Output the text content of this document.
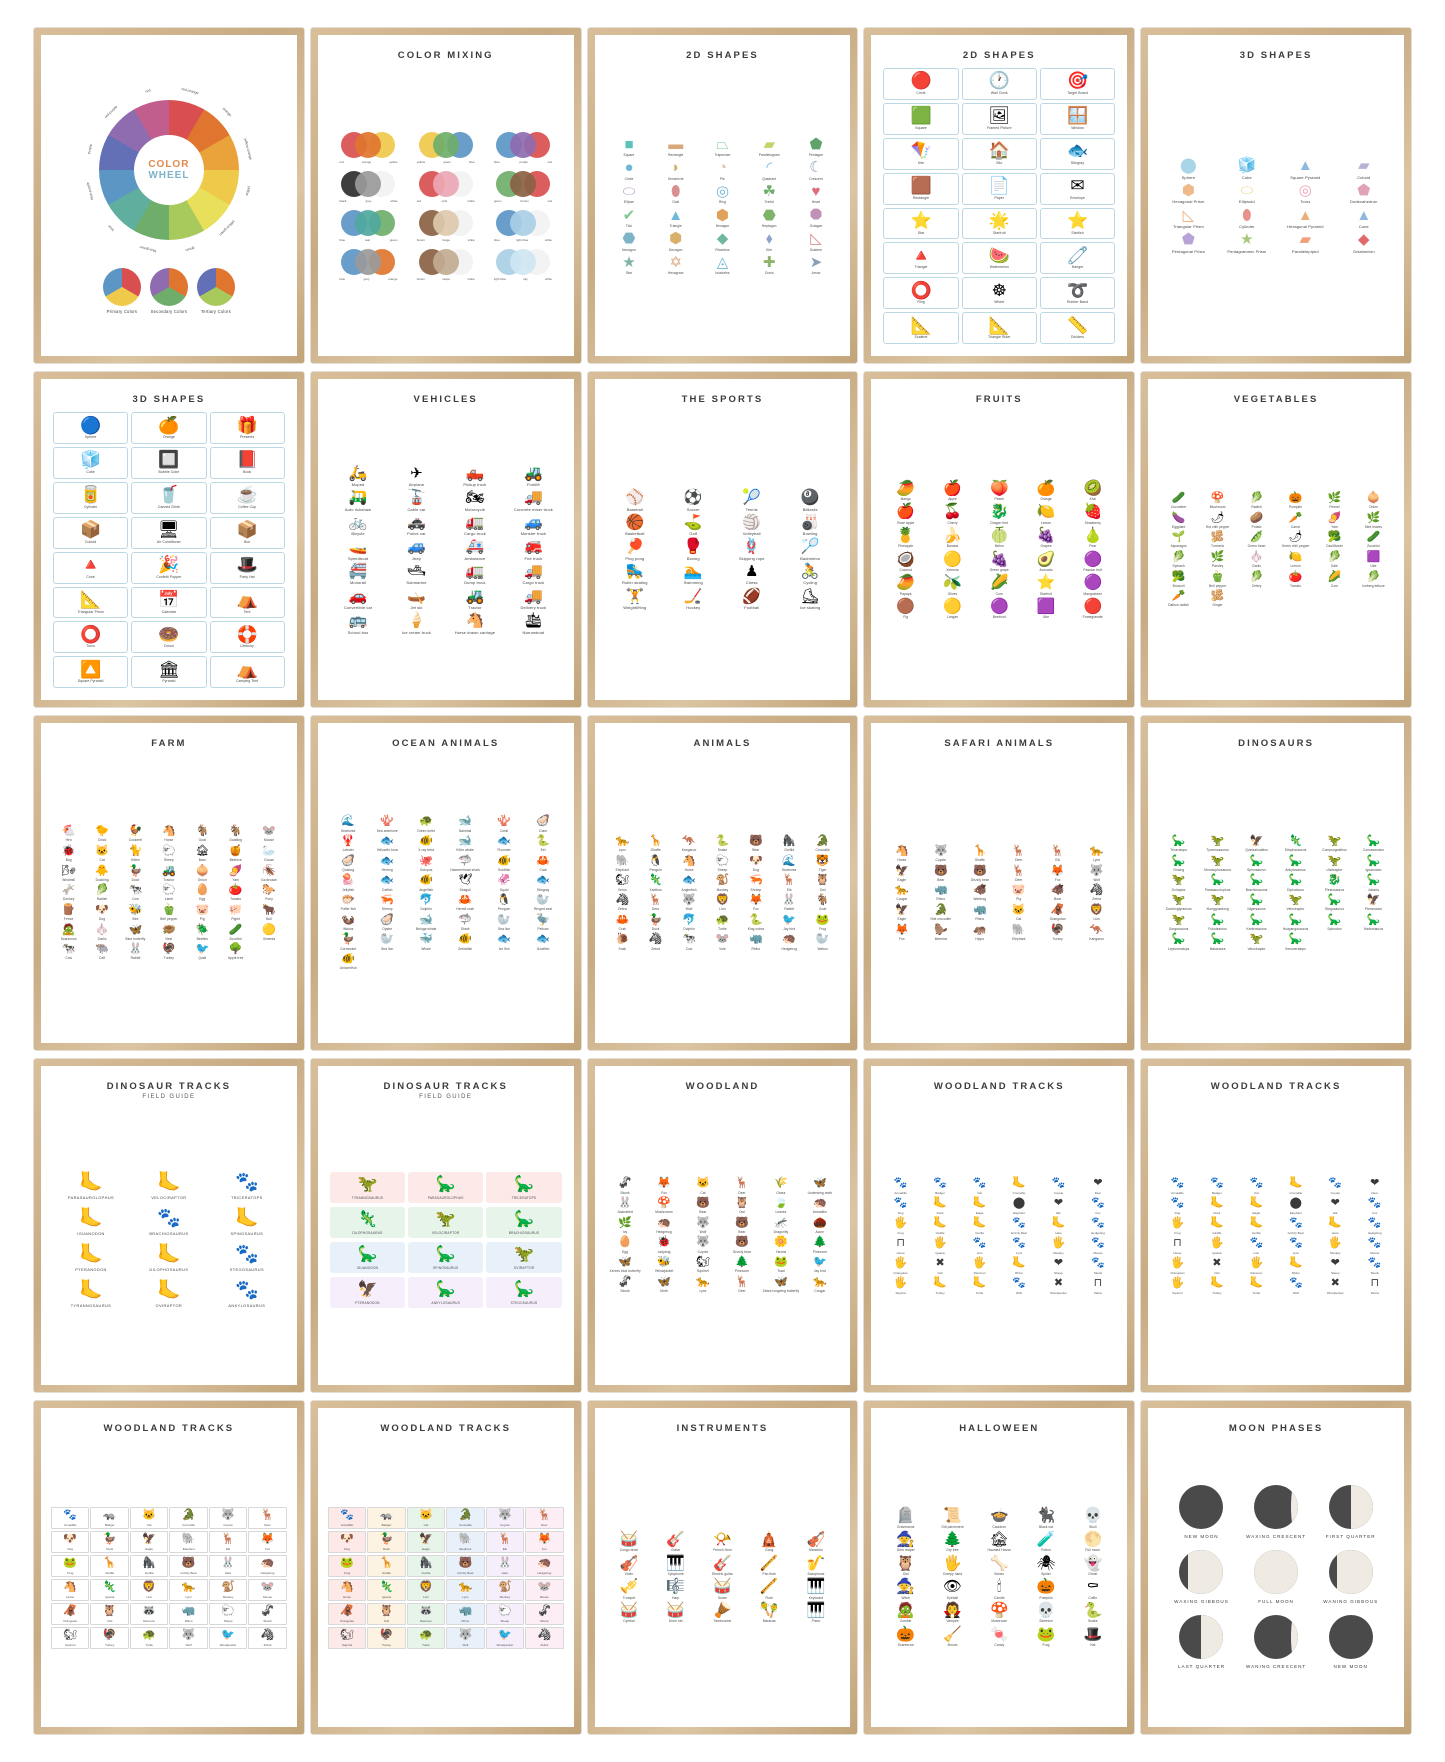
COLOR
WHEEL
red-orange
orange
yellow-orange
yellow
yellow-green
green
blue-green
blue
blue-purple
purple
red-purple
red
Primary Colors	Secondary Colors	Tertiary Colors
COLOR MIXING
red	orange	yellow	yellow	green	blue	blue	purple	red
black	grey	white	red	pink	white	green	brown	red
blue	teal	green	brown	beige	white	blue	light blue	white
blue	grey	orange	brown	taupe	white	light blue	sky	white
2D SHAPES
■
Square
▬
Rectangle
⏢
Trapezium
▰
Parallelogram
⬟
Pentagon
●
Circle
◗
Semicircle
◔
Pie
◜
Quadrant
☾
Crescent
⬭
Ellipse
⬮
Oval
◎
Ring
☘
Trefoil
♥
Heart
✔
Tick
▲
Triangle
⬢
Hexagon
⬣
Heptagon
⯃
Octagon
⬣
Nonagon
⬢
Decagon
◆
Rhombus
⬧
Kite
◺
Scalene
★
Star
✡
Hexagram
◬
Isosceles
✚
Cross
➤
Arrow
2D SHAPES
🔴
Circle
🕐
Wall Clock
🎯
Target Board
🟩
Square
🖼
Framed Picture
🪟
Window
🪁
Kite
🏠
Silo
🐟
Stingray
🟫
Rectangle
📄
Paper
✉
Envelope
⭐
Star
🌟
Starfruit
⭐
Starfish
🔺
Triangle
🍉
Watermelon
🧷
Hanger
⭕
Ring
☸
Wheel
➰
Rubber Band
📐
Scalene
📐
Triangle Ruler
📏
Dividers
3D SHAPES
⬤
Sphere
🧊
Cube
▲
Square Pyramid
▰
Cuboid
⬢
Hexagonal Prism
⬭
Ellipsoid
◎
Torus
⬟
Dodecahedron
◺
Triangular Prism
⬮
Cylinder
▲
Hexagonal Pyramid
▲
Cone
⬟
Pentagonal Prism
★
Pentagrammic Prism
▰
Parallelepiped
◆
Octahedron
3D SHAPES
🔵
Sphere
🍊
Orange
🎁
Presents
🧊
Cube
🔲
Bubble Cube
📕
Book
🥫
Cylinder
🥤
Canned Drink
☕
Coffee Cup
📦
Cuboid
🖥
Air Conditioner
📦
Box
🔺
Cone
🎉
Confetti Popper
🎩
Party Hat
📐
Triangular Prism
📅
Calendar
⛺
Tent
⭕
Torus
🍩
Donut
🛟
Lifebuoy
🔼
Square Pyramid
🏛
Pyramid
⛺
Camping Tent
VEHICLES
🛵
Moped
✈
Airplane
🛻
Pickup truck
🚜
Forklift
🛺
Auto rickshaw
🚡
Cable car
🏍
Motorcycle
🚚
Concrete mixer truck
🚲
Bicycle
🚓
Police car
🚛
Cargo truck
🚙
Monster truck
🚤
Speedboat
🚙
Jeep
🚑
Ambulance
🚒
Fire truck
🚝
Monorail
🛥
Submarine
🚛
Dump truck
🚚
Cargo truck
🚗
Convertible car
🛶
Jet ski
🚜
Tractor
🚚
Delivery truck
🚌
School bus
🍦
Ice cream truck
🐴
Horse drawn carriage
🛳
Narrowboat
THE SPORTS
⚾
Baseball
⚽
Soccer
🎾
Tennis
🎱
Billiards
🏀
Basketball
⛳
Golf
🏐
Volleyball
🎳
Bowling
🏓
Ping pong
🥊
Boxing
🪢
Skipping rope
🏸
Badminton
🛼
Roller skating
🏊
Swimming
♟
Chess
🚴
Cycling
🏋
Weightlifting
🏒
Hockey
🏈
Football
⛸
Ice skating
FRUITS
🥭
Mango
🍎
Apple
🍑
Peach
🍊
Orange
🥝
Kiwi
🍎
Rose apple
🍒
Cherry
🐉
Dragon fruit
🍋
Lemon
🍓
Strawberry
🍍
Pineapple
🍌
Banana
🍈
Melon
🍇
Grapes
🍐
Pear
🥥
Coconut
🟡
Ximenia
🍇
Green grape
🥑
Avocado
🟣
Passion fruit
🥭
Papaya
🫒
Olives
🌽
Corn
⭐
Starfruit
🟣
Mangosteen
🟤
Fig
🟡
Longan
🟣
Beetroot
🟪
Ube
🔴
Pomegranate
VEGETABLES
🥒
Cucumber
🍄
Mushroom
🥬
Radish
🎃
Pumpkin
🌿
Fennel
🧅
Onion
🍆
Eggplant
🌶
Hot chili pepper
🥔
Potato
🥕
Carrot
🍠
Yam
🌿
Mint leaves
🌱
Asparagus
🫚
Turmeric
🫛
Green bean
🌶
Green chili pepper
🥦
Cauliflower
🥒
Zucchini
🥬
Spinach
🌿
Parsley
🧄
Garlic
🍋
Lemon
🥬
Kale
🟪
Ube
🥦
Broccoli
🫑
Bell pepper
🥬
Celery
🍅
Tomato
🌽
Corn
🥬
Iceberg lettuce
🥕
Daikon radish
🫚
Ginger
FARM
🐔
Hen
🐤
Chick
🐓
Cockerel
🐴
Horse
🐐
Goat
🐐
Goatling
🐭
Mouse
🐞
Bug
🐱
Cat
🐈
Kitten
🐑
Sheep
🏚
Barn
🍯
Beehive
🦢
Goose
🌬
Windmill
🐥
Duckling
🦆
Duck
🚜
Tractor
🧅
Onion
🍠
Yam
🪳
Cockroach
🫏
Donkey
🥬
Radish
🐄
Cow
🐑
Lamb
🥚
Egg
🍅
Tomato
🐎
Pony
🪵
Fence
🐶
Dog
🐝
Bee
🫑
Bell pepper
🐷
Pig
🐖
Piglet
🐂
Bull
🧟
Scarecrow
🧄
Garlic
🦋
Blue butterfly
🪹
Nest
🪲
Beetles
🥒
Zucchini
🟡
Ximenia
🐄
Cow
🐃
Calf
🐰
Rabbit
🦃
Turkey
🐦
Quail
🌳
Apple tree
OCEAN ANIMALS
🌊
Seahorse
🪸
Sea anemone
🐢
Green turtle
🐋
Narwhal
🪸
Coral
🦪
Clam
🦞
Lobster
🐟
Yellowfin tuna
🐠
X-ray tetra
🐋
Killer whale
🐟
Flounder
🐍
Eel
🦪
Quahog
🐟
Herring
🐙
Octopus
🦈
Hammerhead shark
🐠
Goldfish
🦀
Crab
🪼
Jellyfish
🐟
Catfish
🐠
Angelfish
🕊
Seagull
🦑
Squid
🐟
Stingray
🐡
Puffer fish
🦐
Shrimp
🐬
Dolphin
🦀
Hermit crab
🐧
Penguin
🦭
Ringed seal
🦦
Walrus
🦪
Oyster
🐋
Beluga whale
🦈
Shark
🦭
Sea lion
🦤
Pelican
🦆
Cormorant
🦭
Sea lion
🐳
Whale
🐠
Zebrafish
🐟
Ice fish
🐟
Goatfish
🐠
Unicornfish
ANIMALS
🐆
Lynx
🦒
Giraffe
🦘
Kangaroo
🐍
Snake
🐻
Bear
🦍
Gorilla
🐊
Crocodile
🐘
Elephant
🐧
Penguin
🐴
Horse
🐑
Sheep
🐶
Dog
🌊
Seahorse
🐯
Tiger
🐿
Xerus
🦎
Xanthus
🐟
Anglerfish
🐒
Monkey
🦐
Shrimp
🦌
Elk
🦉
Owl
🦓
Zebra
🦌
Deer
🐺
Wolf
🦁
Lion
🦊
Fox
🐰
Rabbit
🐐
Goat
🦀
Crab
🦆
Duck
🐬
Dolphin
🐢
Turtle
🐍
King cobra
🐦
Jay bird
🐸
Frog
🐌
Snail
🦓
Zebra
🐄
Cow
🐭
Vole
🦏
Rhino
🦔
Hedgehog
🦭
Walrus
SAFARI ANIMALS
🐴
Horse
🐺
Coyote
🦒
Giraffe
🦌
Deer
🦌
Elk
🐆
Lynx
🦅
Eagle
🐻
Bear
🐻
Grizzly bear
🦌
Deer
🦊
Fox
🐺
Wolf
🐆
Cougar
🦏
Rhino
🐗
Warthog
🐷
Pig
🐗
Boar
🦓
Zebra
🦅
Eagle
🐊
Nile crocodile
🦏
Rhino
🐱
Cat
🦧
Orangutan
🦁
Lion
🦊
Fox
🦫
Meerkat
🦛
Hippo
🐘
Elephant
🦃
Turkey
🦘
Kangaroo
DINOSAURS
🦕
Triceratops
🦖
Tyrannosaurus
🦅
Quetzalcoatlus
🦎
Dilophosaurus
🦖
Compsognathus
🦕
Concavenator
🦕
Yinlong
🦖
Monolophosaurus
🦕
Spinosaurus
🦕
Ankylosaurus
🦖
Utahraptor
🦕
Iguanodon
🦖
Oviraptor
🦕
Parasaurolophus
🦕
Brachiosaurus
🦕
Diplodocus
🐉
Plesiosaurus
🦕
Jobaria
🦖
Zuchengtyrannus
🦖
Xiongguanlong
🦕
Nigersaurus
🦖
Velociraptor
🦕
Stegosaurus
🦅
Pteranodon
🦖
Gorgosaurus
🦕
Fukuisaurus
🦕
Kentrosaurus
🦕
Huayangosaurus
🦕
Spinodon
🦕
Hadrosaurus
🦕
Leptoceratops
🦕
Maiasaura
🦖
Velociraptor
🦕
Xenoceratops
DINOSAUR TRACKS
FIELD GUIDE
🦶
PARASAUROLOPHUS
🦶
VELOCIRAPTOR
🐾
TRICERATOPS
🦶
IGUANODON
🐾
BRACHIOSAURUS
🦶
SPINOSAURUS
🦶
PTERANODON
🦶
DILOPHOSAURUS
🐾
STEGOSAURUS
🦶
TYRANNOSAURUS
🦶
OVIRAPTOR
🐾
ANKYLOSAURUS
DINOSAUR TRACKS
FIELD GUIDE
🦖
TYRANNOSAURUS
🦕
PARASAUROLOPHUS
🦕
TRICERATOPS
🦎
DILOPHOSAURUS
🦖
VELOCIRAPTOR
🦕
BRACHIOSAURUS
🦕
IGUANODON
🦕
SPINOSAURUS
🦖
OVIRAPTOR
🦅
PTERANODON
🦕
ANKYLOSAURUS
🦕
STEGOSAURUS
WOODLAND
🦨
Skunk
🦊
Fox
🐱
Cat
🦌
Deer
🌾
Grass
🦋
Underwing moth
🐰
Jackrabbit
🍄
Mushrooms
🐻
Bear
🦉
Owl
🍃
Leaves
🦔
Armadillo
🌿
Ivy
🦔
Hedgehog
🐺
Wolf
🐻
Bear
🦟
Dragonfly
🌰
Acorn
🥚
Egg
🐞
Ladybug
🐺
Coyote
🐻
Grizzly bear
🌼
Yarrow
🌲
Pinecone
🦋
Xerces blue butterfly
🐝
Yellowjacket
🐿
Squirrel
🌲
Pinecone
🐸
Toad
🐦
Jay bird
🦨
Skunk
🦋
Moth
🐆
Lynx
🦌
Deer
🦋
Zebra longwing butterfly
🐆
Cougar
WOODLAND TRACKS
🐾
Armadillo
🐾
Badger
🐾
Cat
🦶
Crocodile
🐾
Coyote
❤
Deer
🐾
Dog
🦶
Duck
🦶
Eagle
⬤
Elephant
❤
Elk
🐾
Fox
🖐
Frog
🦶
Giraffe
🦶
Gorilla
🐾
Grizzly Bear
🦶
Hare
🐾
Hedgehog
⊓
Horse
🖐
Iguana
🐾
Lion
🐾
Lynx
🖐
Monkey
🐾
Mouse
🖐
Orangutan
✖
Owl
🖐
Raccoon
🦶
Rhino
❤
Sheep
🐾
Skunk
🖐
Squirrel
🦶
Turkey
🦶
Turtle
🐾
Wolf
✖
Woodpecker
⊓
Zebra
WOODLAND TRACKS
🐾
Armadillo
🐾
Badger
🐾
Cat
🦶
Crocodile
🐾
Coyote
❤
Deer
🐾
Dog
🦶
Duck
🦶
Eagle
⬤
Elephant
❤
Elk
🐾
Fox
🖐
Frog
🦶
Giraffe
🦶
Gorilla
🐾
Grizzly Bear
🦶
Hare
🐾
Hedgehog
⊓
Horse
🖐
Iguana
🐾
Lion
🐾
Lynx
🖐
Monkey
🐾
Mouse
🖐
Orangutan
✖
Owl
🖐
Raccoon
🦶
Rhino
❤
Sheep
🐾
Skunk
🖐
Squirrel
🦶
Turkey
🦶
Turtle
🐾
Wolf
✖
Woodpecker
⊓
Zebra
WOODLAND TRACKS
🐾
Armadillo
🦡
Badger
🐱
Cat
🐊
Crocodile
🐺
Coyote
🦌
Deer
🐶
Dog
🦆
Duck
🦅
Eagle
🐘
Elephant
🦌
Elk
🦊
Fox
🐸
Frog
🦒
Giraffe
🦍
Gorilla
🐻
Grizzly Bear
🐰
Hare
🦔
Hedgehog
🐴
Horse
🦎
Iguana
🦁
Lion
🐆
Lynx
🐒
Monkey
🐭
Mouse
🦧
Orangutan
🦉
Owl
🦝
Raccoon
🦏
Rhino
🐑
Sheep
🦨
Skunk
🐿
Squirrel
🦃
Turkey
🐢
Turtle
🐺
Wolf
🐦
Woodpecker
🦓
Zebra
WOODLAND TRACKS
🐾
Armadillo
🦡
Badger
🐱
Cat
🐊
Crocodile
🐺
Coyote
🦌
Deer
🐶
Dog
🦆
Duck
🦅
Eagle
🐘
Elephant
🦌
Elk
🦊
Fox
🐸
Frog
🦒
Giraffe
🦍
Gorilla
🐻
Grizzly Bear
🐰
Hare
🦔
Hedgehog
🐴
Horse
🦎
Iguana
🦁
Lion
🐆
Lynx
🐒
Monkey
🐭
Mouse
🦧
Orangutan
🦉
Owl
🦝
Raccoon
🦏
Rhino
🐑
Sheep
🦨
Skunk
🐿
Squirrel
🦃
Turkey
🐢
Turtle
🐺
Wolf
🐦
Woodpecker
🦓
Zebra
INSTRUMENTS
🥁
Congo drum
🎸
Guitar
📯
French Horn
🛕
Gong
🎻
Mandolin
🎻
Violin
🎹
Xylophone
🎸
Electric guitar
🪈
Pan flute
🎷
Saxophone
🎺
Trumpet
🎼
Harp
🥁
Snare
🪈
Flute
🎹
Keyboard
🥁
Cymbal
🥁
Drum set
🪘
Tambourine
🪇
Maracas
🎹
Piano
HALLOWEEN
🪦
Gravestone
📜
Old parchment
🍲
Cauldron
🐈‍⬛
Black cat
💀
Skull
🧙
Grim reaper
🌲
Dry tree
🏚
Haunted House
🧪
Potion
🌕
Full moon
🦉
Owl
🖐
Creepy hand
🦴
Bones
🕷
Spider
👻
Ghost
🧙
Witch
👁
Eyeball
🕯
Candle
🎃
Pumpkin
⚰
Coffin
🧟
Zombie
🧛
Vampire
🍄
Mushroom
💀
Skeleton
🐍
Snake
🎃
Scarecrow
🧹
Broom
🍬
Candy
🐸
Frog
🎩
Hat
MOON PHASES
NEW MOON	WAXING CRESCENT	FIRST QUARTER
WAXING GIBBOUS	FULL MOON	WANING GIBBOUS
LAST QUARTER	WANING CRESCENT	NEW MOON
